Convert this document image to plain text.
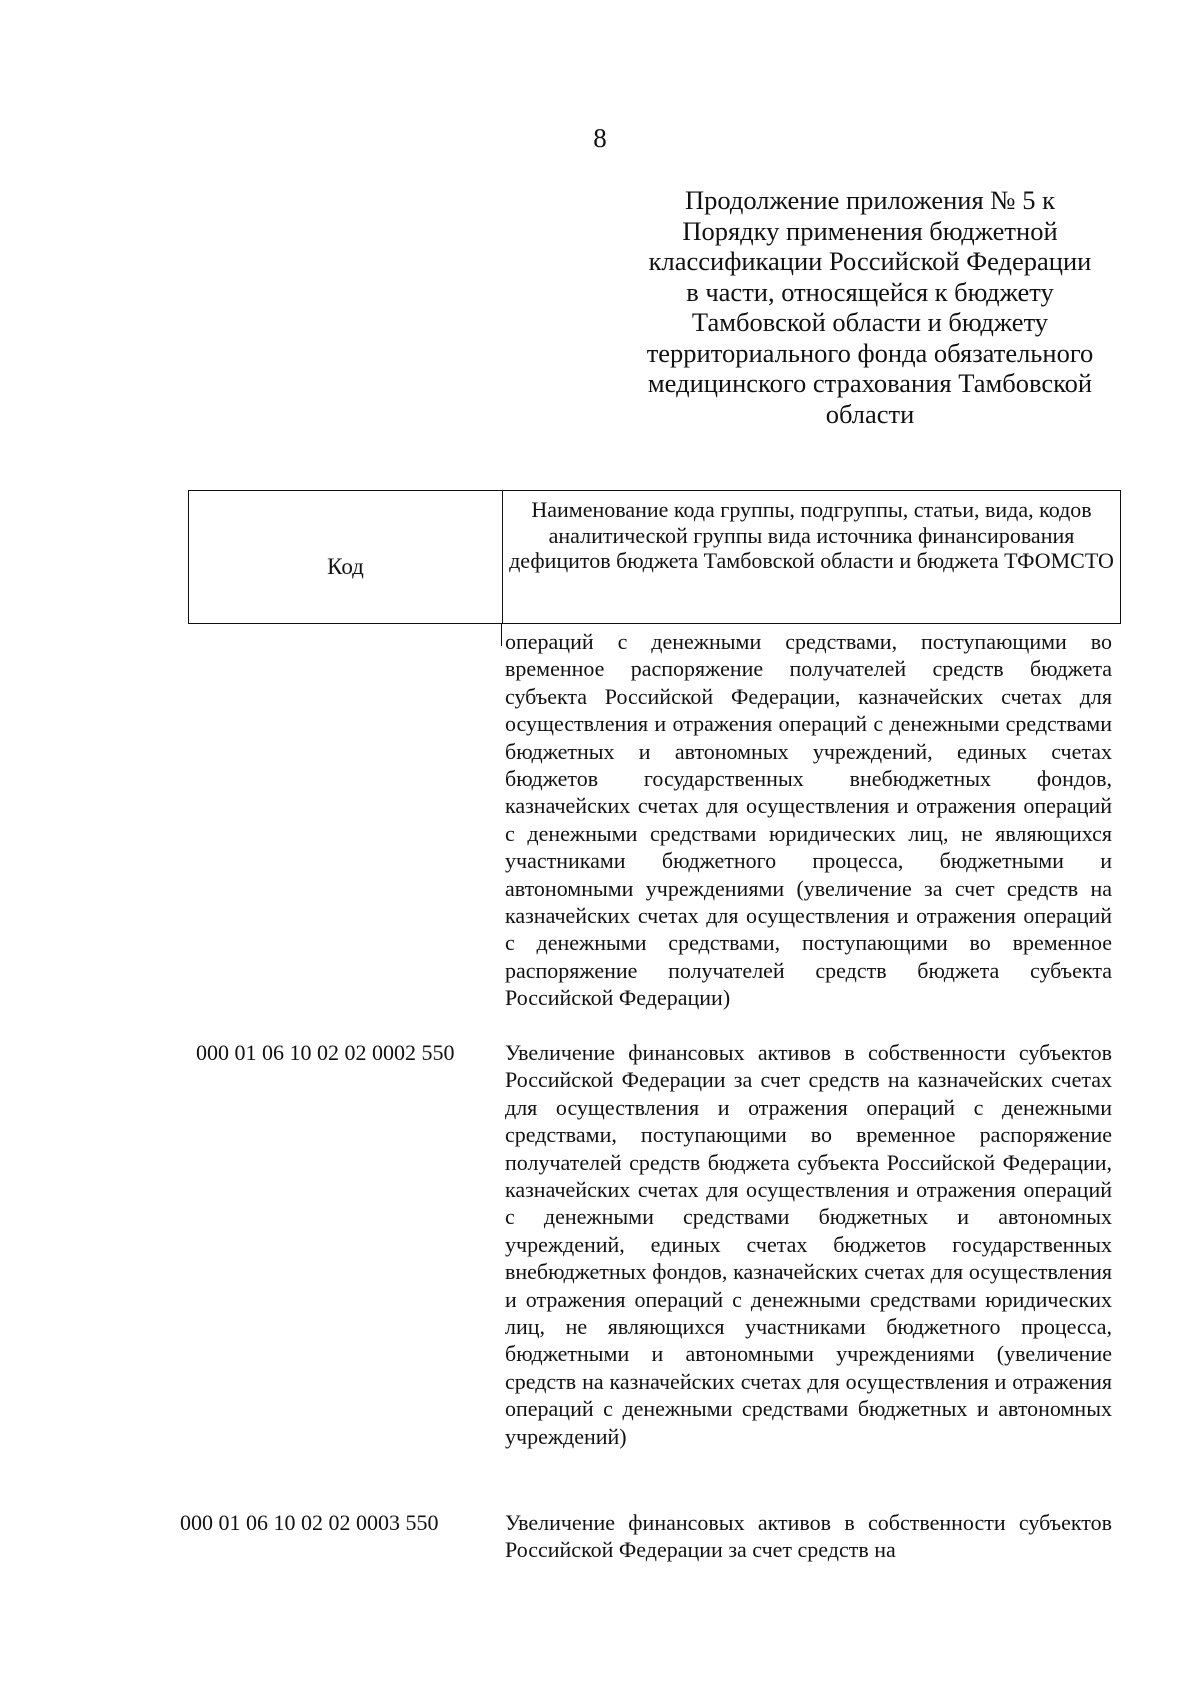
8
Продолжение приложения № 5 к Порядку применения бюджетной классификации Российской Федерации в части, относящейся к бюджету Тамбовской области и бюджету территориального фонда обязательного медицинского страхования Тамбовской области
Код
Наименование кода группы, подгруппы, статьи, вида, кодов аналитической группы вида источника финансирования дефицитов бюджета Тамбовской области и бюджета ТФОМСТО
операций с денежными средствами, поступающими во временное распоряжение получателей средств бюджета субъекта Российской Федерации, казначейских счетах для осуществления и отражения операций с денежными средствами бюджетных и автономных учреждений, единых счетах бюджетов государственных внебюджетных фондов, казначейских счетах для осуществления и отражения операций с денежными средствами юридических лиц, не являющихся участниками бюджетного процесса, бюджетными и автономными учреждениями (увеличение за счет средств на казначейских счетах для осуществления и отражения операций с денежными средствами, поступающими во временное распоряжение получателей средств бюджета субъекта Российской Федерации)
000 01 06 10 02 02 0002 550	Увеличение финансовых активов в собственности субъектов Российской Федерации за счет средств на казначейских счетах для осуществления и отражения операций с денежными средствами, поступающими во временное распоряжение получателей средств бюджета субъекта Российской Федерации, казначейских счетах для осуществления и отражения операций с денежными средствами бюджетных и автономных учреждений, единых счетах бюджетов государственных внебюджетных фондов, казначейских счетах для осуществления и отражения операций с денежными средствами юридических лиц, не являющихся участниками бюджетного процесса, бюджетными и автономными учреждениями (увеличение средств на казначейских счетах для осуществления и отражения операций с денежными средствами бюджетных и автономных учреждений)
000 01 06 10 02 02 0003 550	Увеличение финансовых активов в собственности субъектов Российской Федерации за счет средств на
